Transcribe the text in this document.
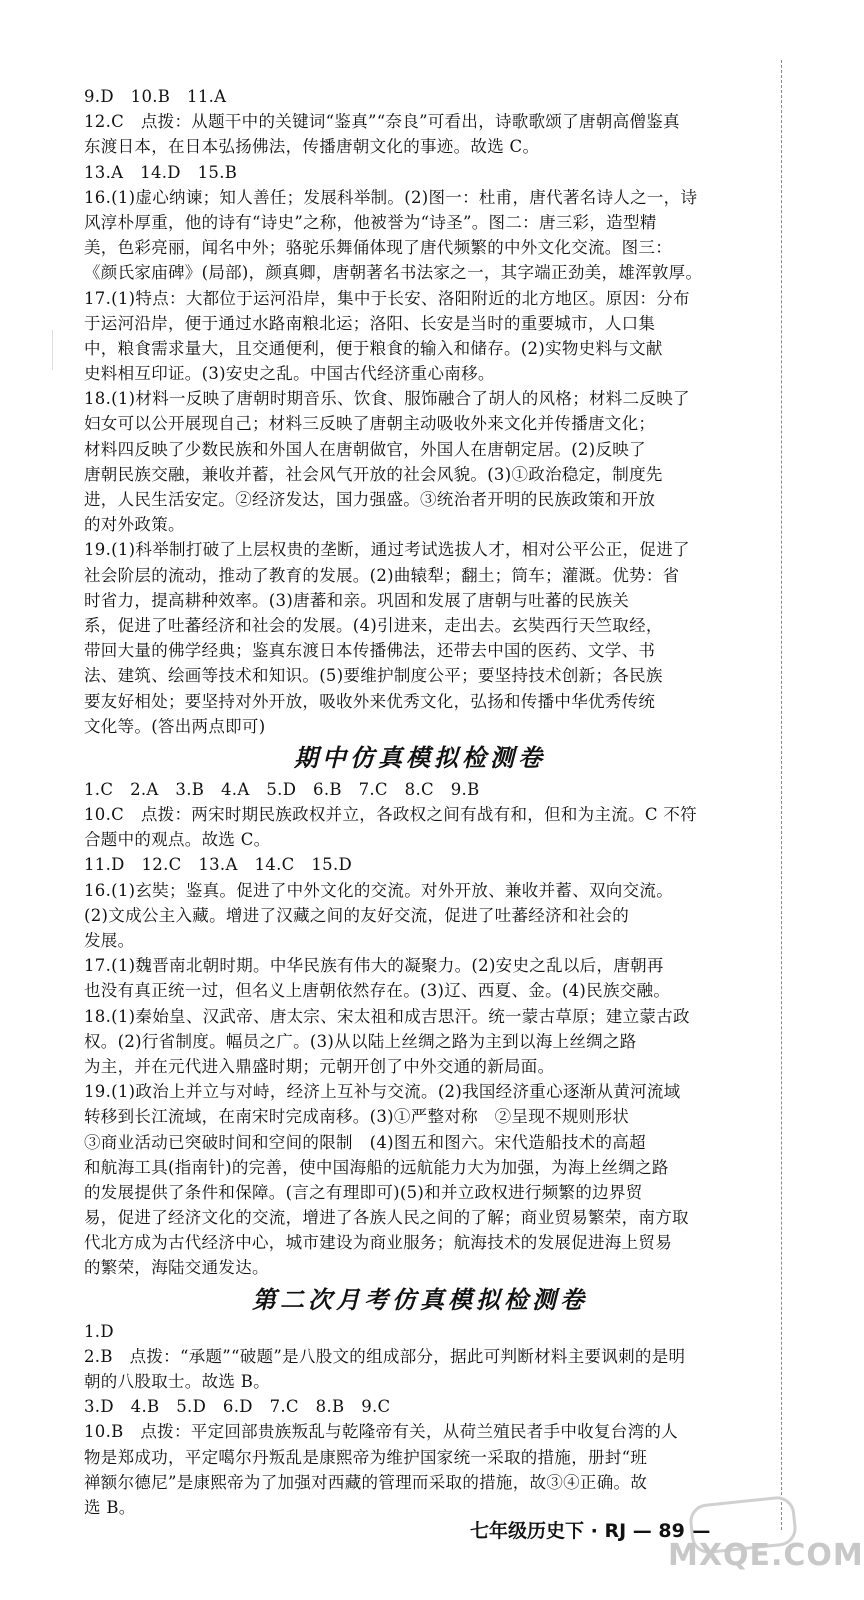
9.D　10.B　11.A
12.C　点拨：从题干中的关键词“鉴真”“奈良”可看出，诗歌歌颂了唐朝高僧鉴真
东渡日本，在日本弘扬佛法，传播唐朝文化的事迹。故选 C。
13.A　14.D　15.B
16.(1)虚心纳谏；知人善任；发展科举制。(2)图一：杜甫，唐代著名诗人之一，诗
风淳朴厚重，他的诗有“诗史”之称，他被誉为“诗圣”。图二：唐三彩，造型精
美，色彩亮丽，闻名中外；骆驼乐舞俑体现了唐代频繁的中外文化交流。图三：
《颜氏家庙碑》(局部)，颜真卿，唐朝著名书法家之一，其字端正劲美，雄浑敦厚。
17.(1)特点：大都位于运河沿岸，集中于长安、洛阳附近的北方地区。原因：分布
于运河沿岸，便于通过水路南粮北运；洛阳、长安是当时的重要城市，人口集
中，粮食需求量大，且交通便利，便于粮食的输入和储存。(2)实物史料与文献
史料相互印证。(3)安史之乱。中国古代经济重心南移。
18.(1)材料一反映了唐朝时期音乐、饮食、服饰融合了胡人的风格；材料二反映了
妇女可以公开展现自己；材料三反映了唐朝主动吸收外来文化并传播唐文化；
材料四反映了少数民族和外国人在唐朝做官，外国人在唐朝定居。(2)反映了
唐朝民族交融，兼收并蓄，社会风气开放的社会风貌。(3)①政治稳定，制度先
进，人民生活安定。②经济发达，国力强盛。③统治者开明的民族政策和开放
的对外政策。
19.(1)科举制打破了上层权贵的垄断，通过考试选拔人才，相对公平公正，促进了
社会阶层的流动，推动了教育的发展。(2)曲辕犁；翻土；筒车；灌溉。优势：省
时省力，提高耕种效率。(3)唐蕃和亲。巩固和发展了唐朝与吐蕃的民族关
系，促进了吐蕃经济和社会的发展。(4)引进来，走出去。玄奘西行天竺取经，
带回大量的佛学经典；鉴真东渡日本传播佛法，还带去中国的医药、文学、书
法、建筑、绘画等技术和知识。(5)要维护制度公平；要坚持技术创新；各民族
要友好相处；要坚持对外开放，吸收外来优秀文化，弘扬和传播中华优秀传统
文化等。(答出两点即可)
期中仿真模拟检测卷
1.C　2.A　3.B　4.A　5.D　6.B　7.C　8.C　9.B
10.C　点拨：两宋时期民族政权并立，各政权之间有战有和，但和为主流。C 不符
合题中的观点。故选 C。
11.D　12.C　13.A　14.C　15.D
16.(1)玄奘；鉴真。促进了中外文化的交流。对外开放、兼收并蓄、双向交流。
(2)文成公主入藏。增进了汉藏之间的友好交流，促进了吐蕃经济和社会的
发展。
17.(1)魏晋南北朝时期。中华民族有伟大的凝聚力。(2)安史之乱以后，唐朝再
也没有真正统一过，但名义上唐朝依然存在。(3)辽、西夏、金。(4)民族交融。
18.(1)秦始皇、汉武帝、唐太宗、宋太祖和成吉思汗。统一蒙古草原；建立蒙古政
权。(2)行省制度。幅员之广。(3)从以陆上丝绸之路为主到以海上丝绸之路
为主，并在元代进入鼎盛时期；元朝开创了中外交通的新局面。
19.(1)政治上并立与对峙，经济上互补与交流。(2)我国经济重心逐渐从黄河流域
转移到长江流域，在南宋时完成南移。(3)①严整对称　②呈现不规则形状
③商业活动已突破时间和空间的限制　(4)图五和图六。宋代造船技术的高超
和航海工具(指南针)的完善，使中国海船的远航能力大为加强，为海上丝绸之路
的发展提供了条件和保障。(言之有理即可)(5)和并立政权进行频繁的边界贸
易，促进了经济文化的交流，增进了各族人民之间的了解；商业贸易繁荣，南方取
代北方成为古代经济中心，城市建设为商业服务；航海技术的发展促进海上贸易
的繁荣，海陆交通发达。
第二次月考仿真模拟检测卷
1.D
2.B　点拨：“承题”“破题”是八股文的组成部分，据此可判断材料主要讽刺的是明
朝的八股取士。故选 B。
3.D　4.B　5.D　6.D　7.C　8.B　9.C
10.B　点拨：平定回部贵族叛乱与乾隆帝有关，从荷兰殖民者手中收复台湾的人
物是郑成功，平定噶尔丹叛乱是康熙帝为维护国家统一采取的措施，册封“班
禅额尔德尼”是康熙帝为了加强对西藏的管理而采取的措施，故③④正确。故
选 B。
七年级历史下 · RJ — 89 —
MXQE.COM
